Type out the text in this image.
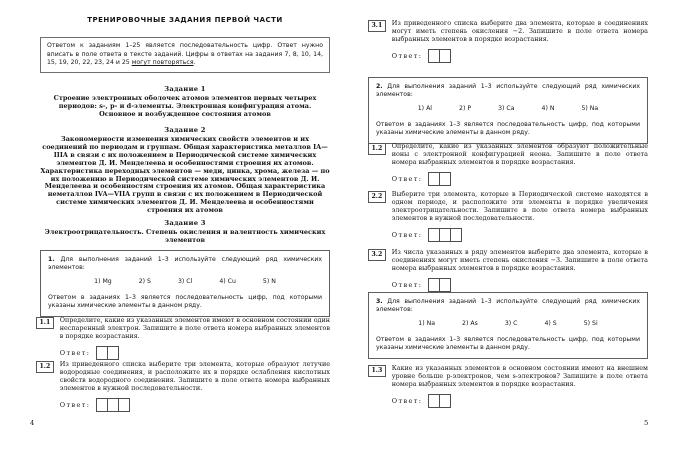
ТРЕНИРОВОЧНЫЕ ЗАДАНИЯ ПЕРВОЙ ЧАСТИ
Ответом к заданиям 1–25 является последовательность цифр. Ответ нужно вписать в поле ответа в тексте заданий. Цифры в ответах на задания 7, 8, 10, 14, 15, 19, 20, 22, 23, 24 и 25 могут повторяться.
Задание 1

Строение электронных оболочек атомов элементов первых четырех периодов: s-, p- и d-элементы. Электронная конфигурация атома. Основное и возбужденное состояния атомов

Задание 2

Закономерности изменения химических свойств элементов и их соединений по периодам и группам. Общая характеристика металлов IA—IIIA в связи с их положением в Периодической системе химических элементов Д. И. Менделеева и особенностями строения их атомов. Характеристика переходных элементов — меди, цинка, хрома, железа — по их положению в Периодической системе химических элементов Д. И. Менделеева и особенностям строения их атомов. Общая характеристика неметаллов IVA—VIIA групп в связи с их положением в Периодической системе химических элементов Д. И. Менделеева и особенностями строения их атомов

Задание 3

Электроотрицательность. Степень окисления и валентность химических элементов

1. Для выполнения заданий 1–3 используйте следующий ряд химических элементов:

1) Mg	2) S	3) Cl	4) Cu	5) N

Ответом в заданиях 1–3 является последовательность цифр, под которыми указаны химические элементы в данном ряду.

1.1	Определите, какие из указанных элементов имеют в основном состоянии один неспаренный электрон. Запишите в поле ответа номера выбранных элементов в порядке возрастания.

Ответ:
1.2	Из приведенного списка выберите три элемента, которые образуют летучие водородные соединения, и расположите их в порядке ослабления кислотных свойств водородного соединения. Запишите в поле ответа номера выбранных элементов в нужной последовательности.

Ответ:
4
3.1	Из приведенного списка выберите два элемента, которые в соединениях могут иметь степень окисления −2. Запишите в поле ответа номера выбранных элементов в порядке возрастания.

Ответ:

2. Для выполнения заданий 1–3 используйте следующий ряд химических элементов:

1) Al	2) P	3) Ca	4) N	5) Na

Ответом в заданиях 1–3 является последовательность цифр, под которыми указаны химические элементы в данном ряду.

1.2	Определите, какие из указанных элементов образуют положительные ионы с электронной конфигурацией неона. Запишите в поле ответа номера выбранных элементов в порядке возрастания.

Ответ:
2.2	Выберите три элемента, которые в Периодической системе находятся в одном периоде, и расположите эти элементы в порядке увеличения электроотрицательности. Запишите в поле ответа номера выбранных элементов в нужной последовательности.

Ответ:
3.2	Из числа указанных в ряду элементов выберите два элемента, которые в соединениях могут иметь степень окисления −3. Запишите в поле ответа номера выбранных элементов в порядке возрастания.

Ответ:

3. Для выполнения заданий 1–3 используйте следующий ряд химических элементов:

1) Na	2) As	3) C	4) S	5) Si

Ответом в заданиях 1–3 является последовательность цифр, под которыми указаны химические элементы в данном ряду.

1.3	Какие из указанных элементов в основном состоянии имеют на внешнем уровне больше p-электронов, чем s-электронов? Запишите в поле ответа номера выбранных элементов в порядке возрастания.

Ответ:
5
